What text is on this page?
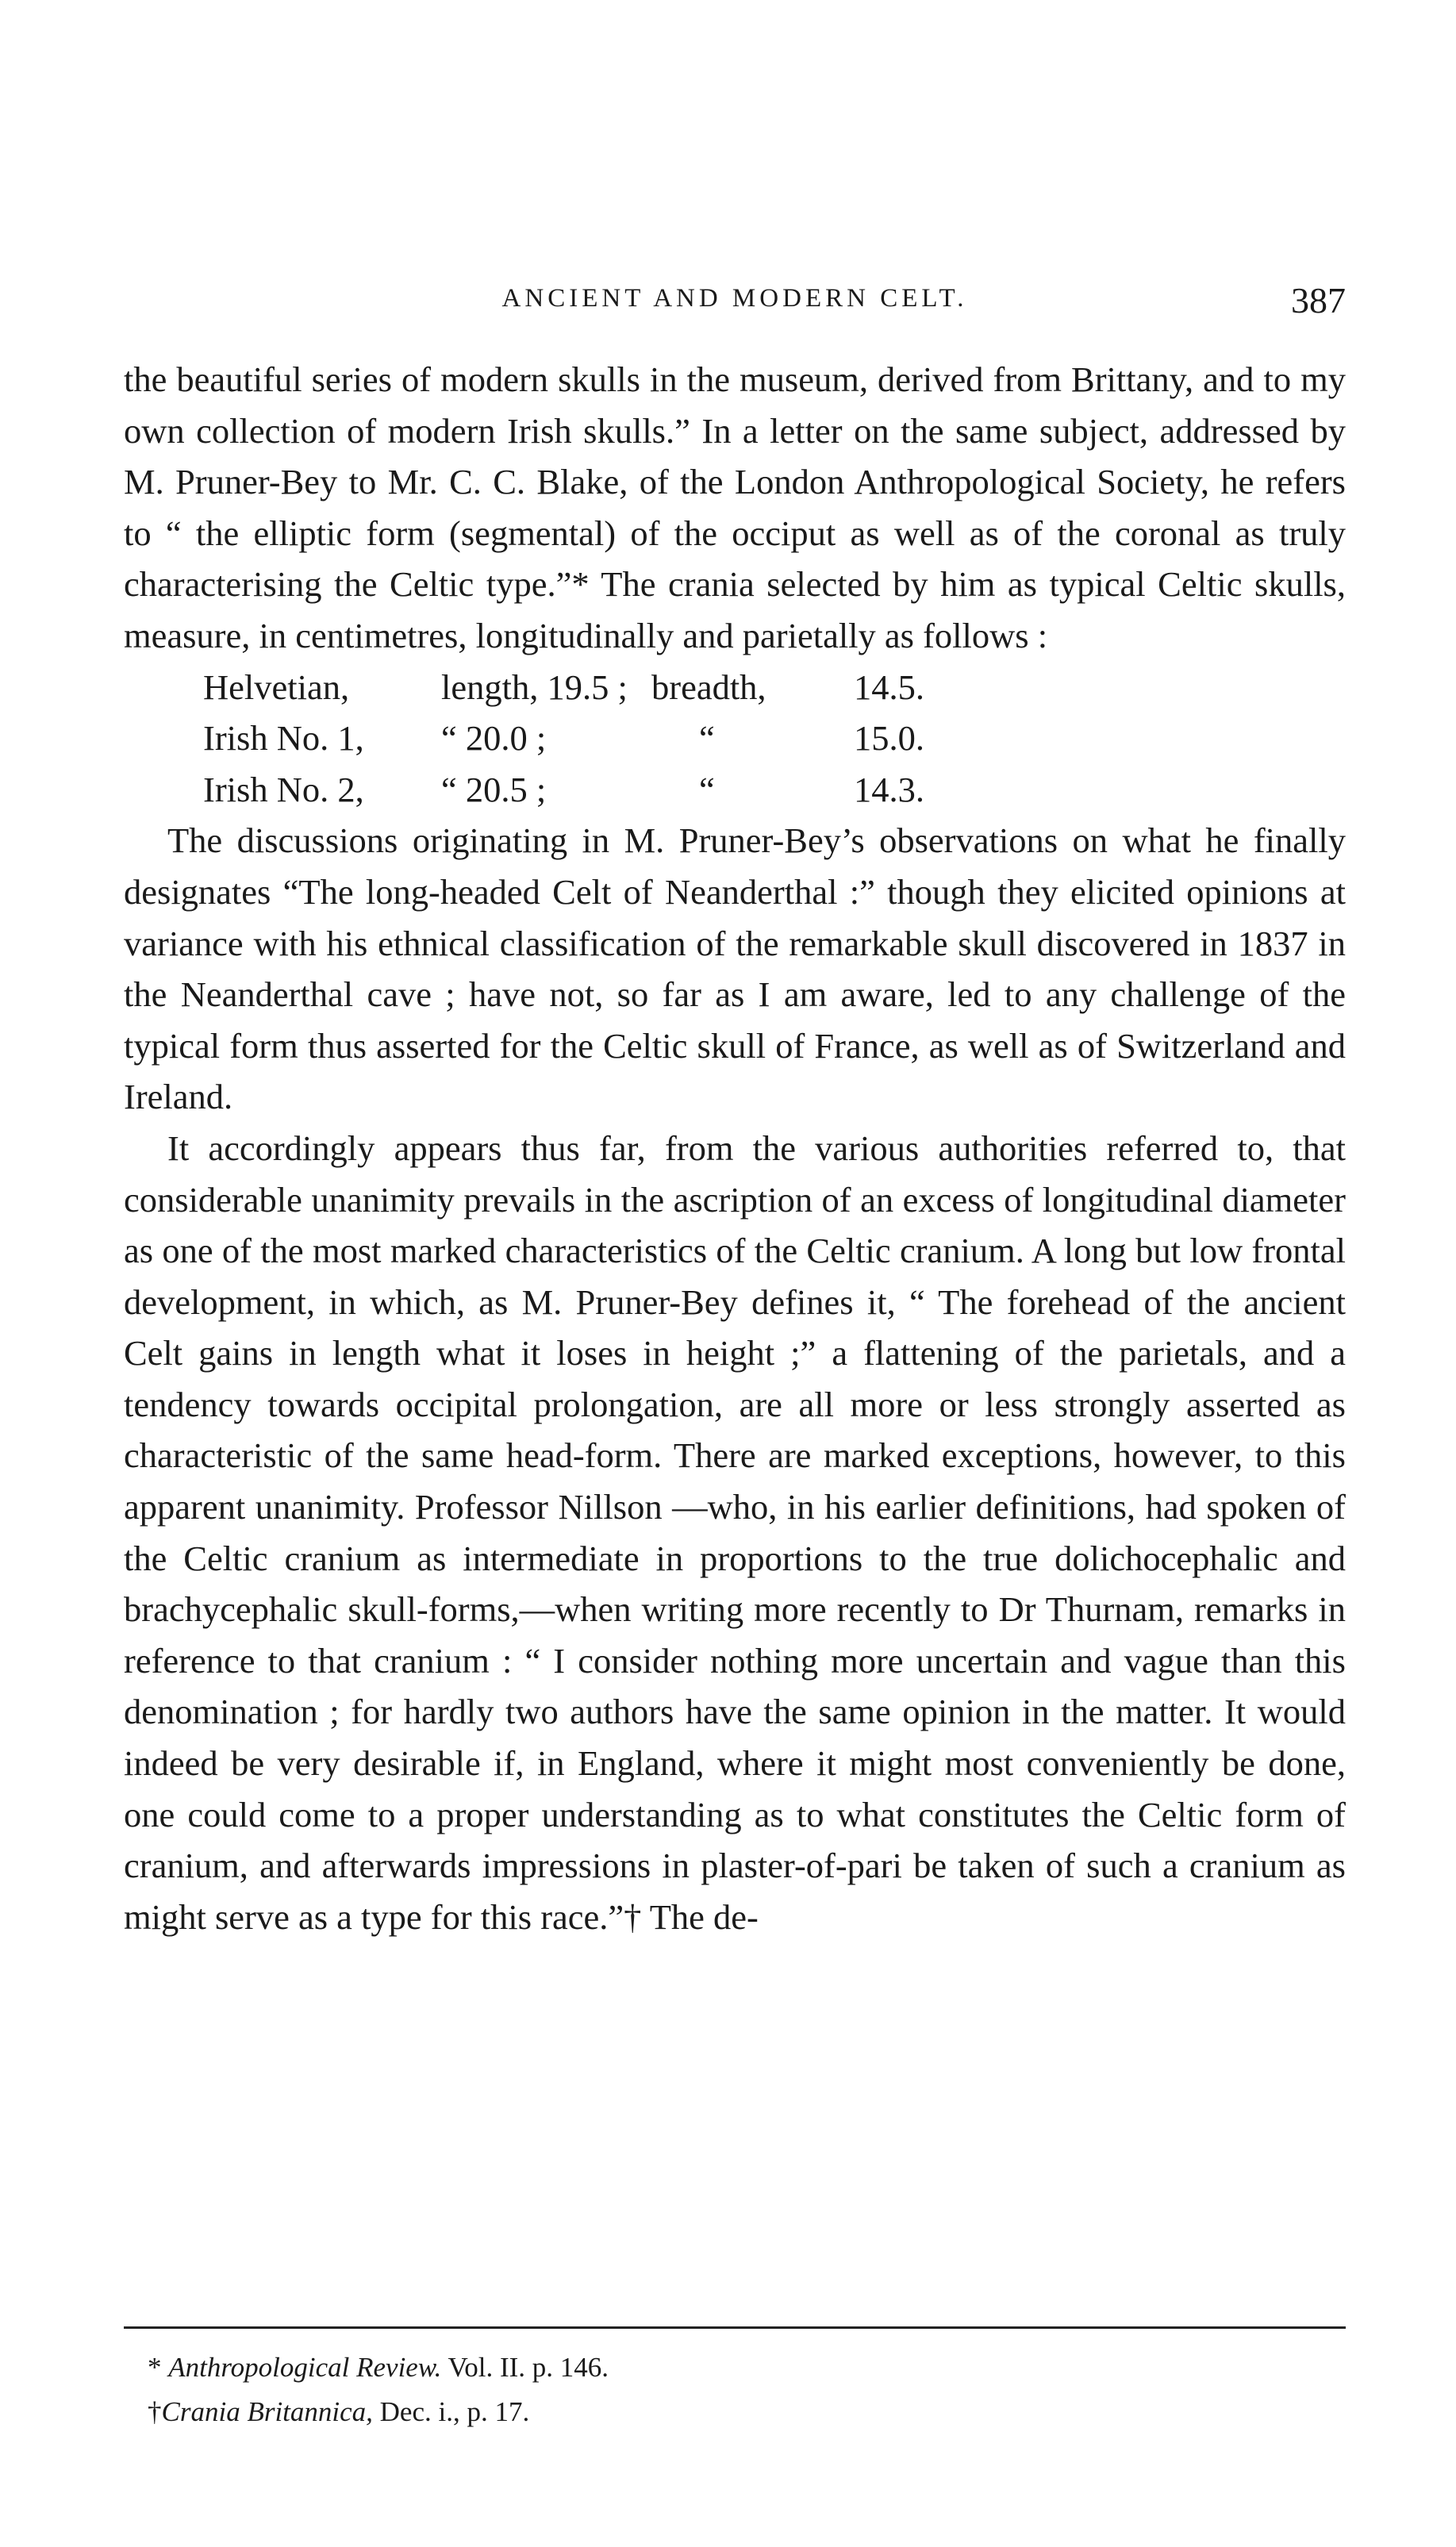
ANCIENT AND MODERN CELT.	387

the beautiful series of modern skulls in the museum, derived from Brittany, and to my own collection of modern Irish skulls.” In a letter on the same subject, addressed by M. Pruner-Bey to Mr. C. C. Blake, of the London Anthropological Society, he refers to “ the elliptic form (segmental) of the occiput as well as of the coronal as truly characterising the Celtic type.”* The crania selected by him as typical Celtic skulls, measure, in centimetres, longitudinally and parietally as follows :

Helvetian,	length, 19.5 ;	breadth,	14.5.
Irish No. 1,	“ 20.0 ;	“	15.0.
Irish No. 2,	“ 20.5 ;	“	14.3.

The discussions originating in M. Pruner-Bey’s observations on what he finally designates “The long-headed Celt of Neanderthal :” though they elicited opinions at variance with his ethnical classification of the remarkable skull discovered in 1837 in the Neanderthal cave ; have not, so far as I am aware, led to any challenge of the typical form thus asserted for the Celtic skull of France, as well as of Switzerland and Ireland.

It accordingly appears thus far, from the various authorities referred to, that considerable unanimity prevails in the ascription of an excess of longitudinal diameter as one of the most marked characteristics of the Celtic cranium. A long but low frontal development, in which, as M. Pruner-Bey defines it, “ The forehead of the ancient Celt gains in length what it loses in height ;” a flattening of the parietals, and a tendency towards occipital prolongation, are all more or less strongly asserted as characteristic of the same head-form. There are marked exceptions, however, to this apparent unanimity. Professor Nillson —who, in his earlier definitions, had spoken of the Celtic cranium as intermediate in proportions to the true dolichocephalic and brachycephalic skull-forms,—when writing more recently to Dr Thurnam, remarks in reference to that cranium : “ I consider nothing more uncertain and vague than this denomination ; for hardly two authors have the same opinion in the matter. It would indeed be very desirable if, in England, where it might most conveniently be done, one could come to a proper understanding as to what constitutes the Celtic form of cranium, and afterwards impressions in plaster-of-pari be taken of such a cranium as might serve as a type for this race.”† The de-

* Anthropological Review. Vol. II. p. 146.

†Crania Britannica, Dec. i., p. 17.
